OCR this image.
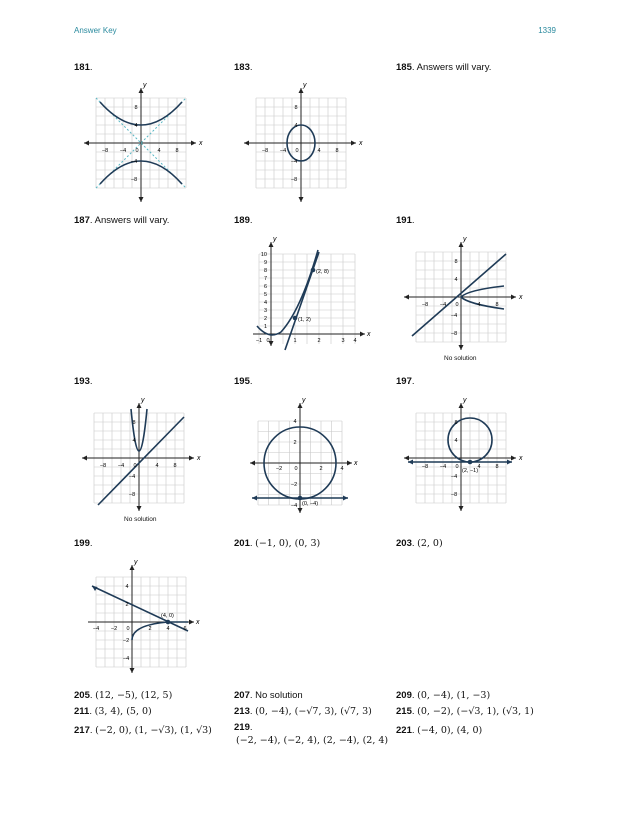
Answer Key	1339
181.	183.	185. Answers will vary.
x
y
−8 −4 0	4	8
8
4
−4
−8
x
y
−8 −4 0	4	8
8
4
−4
−8
187. Answers will vary.	189.	191.
(1, 2)
(2, 8)
x
y
−1 0	1	2	3 4
10
9
8
7
6
5
4
3
2
1
x
y
−8 −4 0	4	8
8
4
−4
−8
No solution
193.	195.	197.
x
y
−8 −4 0	4	8
8
4
−4
−8
No solution
(0, −4)
x
y
−2 0	2	4
4
2
−2
−4
(2, −1)
x
y
−8 −4 0	4	8
8
4
−4
−8
199.	201. (−1, 0), (0, 3)	203. (2, 0)
(4, 0)
x
y
−4 −2 0	2	4	6
4
2
−2
−4
205. (12, −5), (12, 5)	207. No solution	209. (0, −4), (1, −3)
211. (3, 4), (5, 0)	213. (0, −4), (−√7, 3), (√7, 3)	215. (0, −2), (−√3, 1), (√3, 1)
217. (−2, 0), (1, −√3), (1, √3) 219.
(−2, −4), (−2, 4), (2, −4), (2, 4)
221. (−4, 0), (4, 0)
